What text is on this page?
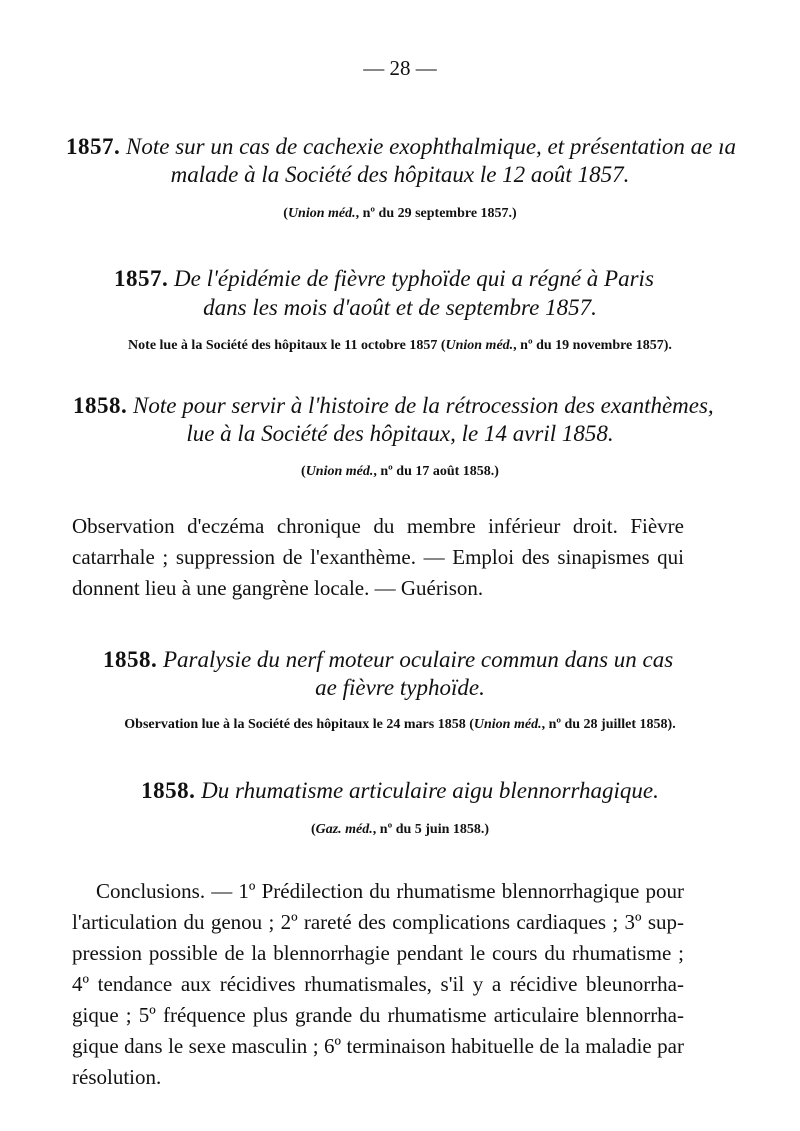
— 28 —
1857. Note sur un cas de cachexie exophthalmique, et présentation ae ıa
malade à la Société des hôpitaux le 12 août 1857.
(Union méd., nº du 29 septembre 1857.)
1857. De l'épidémie de fièvre typhoïde qui a régné à Paris
dans les mois d'août et de septembre 1857.
Note lue à la Société des hôpitaux le 11 octobre 1857 (Union méd., nº du 19 novembre 1857).
1858. Note pour servir à l'histoire de la rétrocession des exanthèmes,
lue à la Société des hôpitaux, le 14 avril 1858.
(Union méd., nº du 17 août 1858.)
Observation d'eczéma chronique du membre inférieur droit. Fièvre
catarrhale ; suppression de l'exanthème. — Emploi des sinapismes qui
donnent lieu à une gangrène locale. — Guérison.
1858. Paralysie du nerf moteur oculaire commun dans un cas
ae fièvre typhoïde.
Observation lue à la Société des hôpitaux le 24 mars 1858 (Union méd., nº du 28 juillet 1858).
1858. Du rhumatisme articulaire aigu blennorrhagique.
(Gaz. méd., nº du 5 juin 1858.)
Conclusions. — 1º Prédilection du rhumatisme blennorrhagique pour
l'articulation du genou ; 2º rareté des complications cardiaques ; 3º sup-
pression possible de la blennorrhagie pendant le cours du rhumatisme ;
4º tendance aux récidives rhumatismales, s'il y a récidive bleunorrha-
gique ; 5º fréquence plus grande du rhumatisme articulaire blennorrha-
gique dans le sexe masculin ; 6º terminaison habituelle de la maladie par
résolution.
